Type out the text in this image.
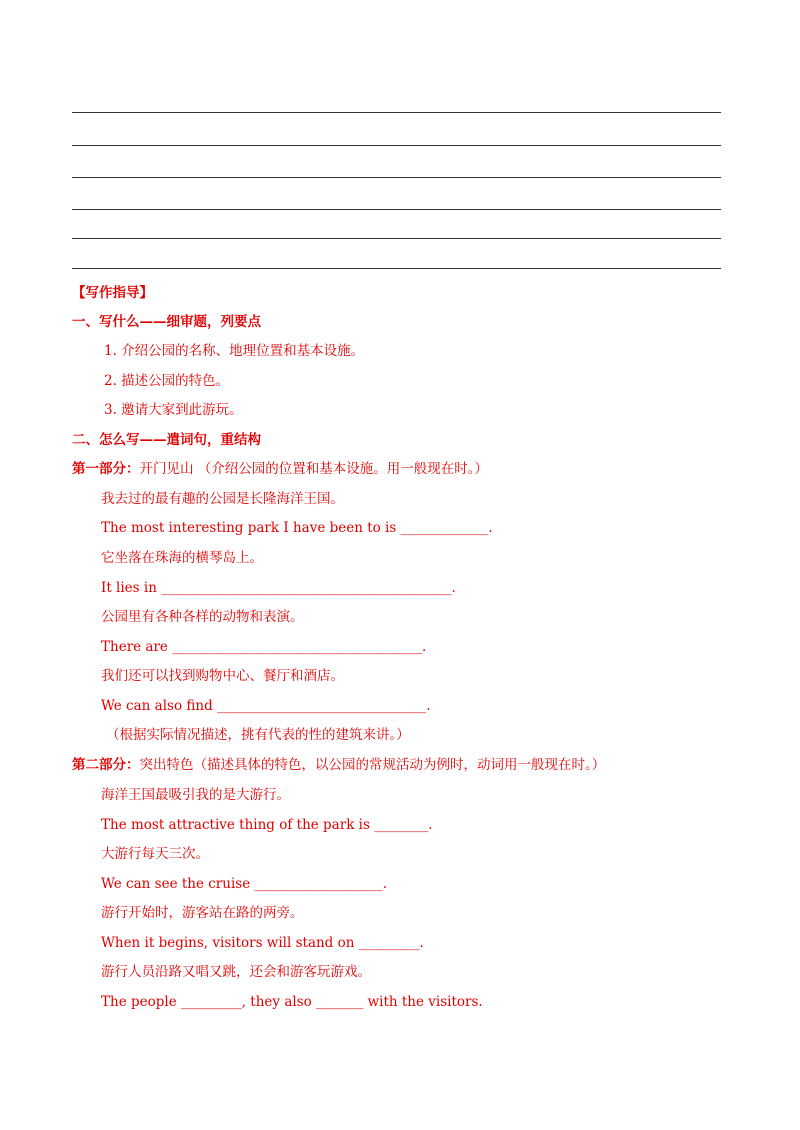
【写作指导】
一、写什么——细审题，列要点
1. 介绍公园的名称、地理位置和基本设施。
2. 描述公园的特色。
3. 邀请大家到此游玩。
二、怎么写——遣词句，重结构
第一部分：开门见山 （介绍公园的位置和基本设施。用一般现在时。）
我去过的最有趣的公园是长隆海洋王国。
The most interesting park I have been to is _____________.
它坐落在珠海的横琴岛上。
It lies in ___________________________________________.
公园里有各种各样的动物和表演。
There are _____________________________________.
我们还可以找到购物中心、餐厅和酒店。
We can also find _______________________________.
（根据实际情况描述，挑有代表的性的建筑来讲。）
第二部分：突出特色（描述具体的特色，以公园的常规活动为例时，动词用一般现在时。）
海洋王国最吸引我的是大游行。
The most attractive thing of the park is ________.
大游行每天三次。
We can see the cruise ___________________.
游行开始时，游客站在路的两旁。
When it begins, visitors will stand on _________.
游行人员沿路又唱又跳，还会和游客玩游戏。
The people _________, they also _______ with the visitors.
